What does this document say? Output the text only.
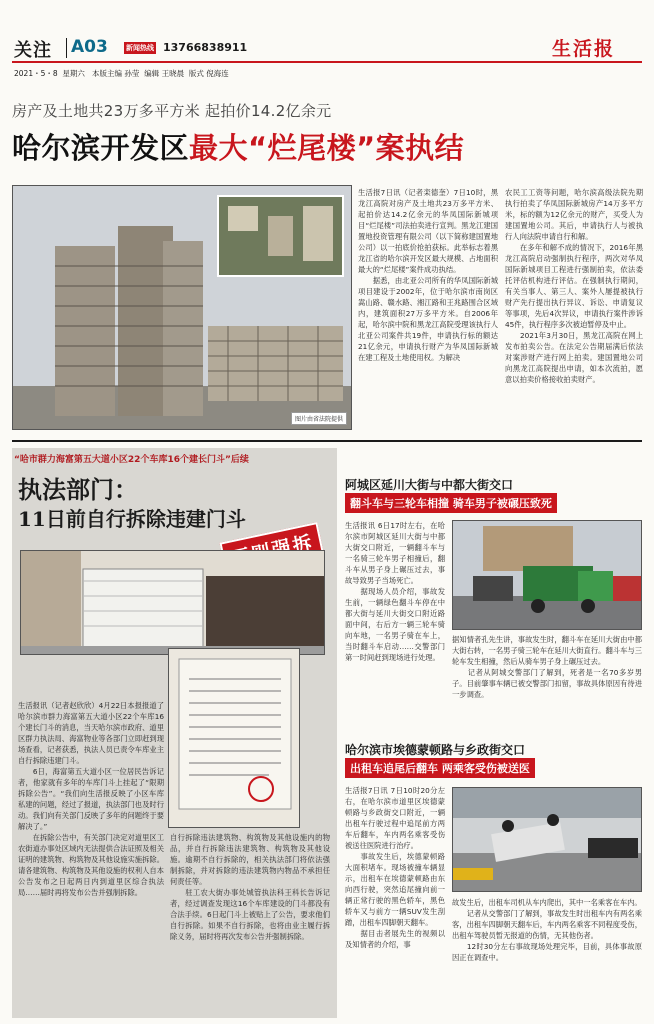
关注 A03	新闻热线 13766838911	生活报
2021・5・8  星期六   本版主编 孙莹  编辑 王晓晨  版式 倪海连
房产及土地共23万多平方米 起拍价14.2亿余元
哈尔滨开发区最大“烂尾楼”案执结
图片由省法院提供
生活报7日讯（记者栾德奎）7日10时，黑龙江高院对房产及土地共23万多平方米、起拍价达14.2亿余元的华凤国际新城项目“烂尾楼”司法拍卖进行宣判。黑龙江建国置地投资管理有限公司（以下简称建国置地公司）以一拍底价抢拍获标。此举标志着黑龙江省的哈尔滨开发区最大规模、占地面积最大的“烂尾楼”案件成功执结。
　　据悉，由北亚公司所有的华凤国际新城项目建设于2002年，位于哈尔滨市南岗区嵩山路、赣水路、湘江路和王兆路围合区域内，建筑面积27万多平方米。自2006年起，哈尔滨中院和黑龙江高院受理该执行人北亚公司案件共19件，申请执行标的额达21亿余元，申请执行财产为华凤国际新城在建工程及土地使用权。为解决
农民工工资等问题，哈尔滨高级法院先期执行拍卖了华凤国际新城房产14万多平方米，标的额为12亿余元的财产，买受人为建国置地公司。其后，申请执行人与被执行人向法院申请自行和解。
　　在多年和解不成的情况下，2016年黑龙江高院启动强制执行程序，两次对华凤国际新城项目工程进行强制拍卖，依法委托评估机构进行评估。在强制执行期间，有关当事人、第三人、案外人屡提被执行财产先行提出执行异议、诉讼、申请复议等事项，先后4次异议，申请执行案件涉诉45件，执行程序多次被迫暂停及中止。
　　2021年3月30日，黑龙江高院在网上发布拍卖公告。在法定公告期届满后依法对案涉财产进行网上拍卖。建国置地公司向黑龙江高院提出申请，如本次流拍，愿意以拍卖价格接收拍卖财产。
“哈市群力海富第五大道小区22个车库16个建长门斗”后续
执法部门：
11日前自行拆除违建门斗
生活报讯（记者赵欣欣）4月22日本报报道了哈尔滨市群力海富第五大道小区22个车库16个建长门斗的消息，当天哈尔滨市政府、道里区群力执法局、海富物业等各部门立即赶到现场查看，记者获悉，执法人员已责令车库业主自行拆除违建门斗。
　　6日，海富第五大道小区一位居民告诉记者，他家就有多年的车库门斗上挂起了“限期拆除公告”。“我们向生活报反映了小区车库私建的问题，经过了报道，执法部门也及时行动。我们向有关部门反映了多年的问题终于要解决了。”
　　在拆除公告中，有关部门决定对道里区工农街道办事处区域内无法提供合法证照及相关证明的建筑物、构筑物及其他设施实施拆除。请各建筑物、构筑物及其他设施的权利人自本公告发布之日起两日内到道里区综合执法局……届时再将发布公告并强制拆除。
自行拆除违法建筑物、构筑物及其他设施内的物品，并自行拆除违法建筑物、构筑物及其他设施。逾期不自行拆除的，相关执法部门将依法强制拆除，并对拆除的违法建筑物内物品不承担任何责任等。
　　驻工农大街办事处城管执法科王科长告诉记者，经过调查发现这16个车库建设的门斗都没有合法手续。6日起门斗上被贴上了公告，要求他们自行拆除。如果不自行拆除，也将由业主履行拆除义务，届时将再次发布公告并强制拆除。
阿城区延川大街与中都大街交口
翻斗车与三轮车相撞 骑车男子被碾压致死
生活报讯 6日17时左右，在哈尔滨市阿城区延川大街与中都大街交口附近，一辆翻斗车与一名骑三轮车男子相撞后，翻斗车从男子身上碾压过去，事故导致男子当场死亡。
　　据现场人员介绍，事故发生前，一辆绿色翻斗车停在中都大街与延川大街交口附近路面中间，右后方一辆三轮车骑向车地，一名男子骑在车上，当时翻斗车启动……交警部门第一时间赶到现场进行处理。
据知情者孔先生讲，事故发生时，翻斗车在延川大街由中都大街右转，一名男子骑三轮车在延川大街直行。翻斗车与三轮车发生相撞，然后从骑车男子身上碾压过去。
　　记者从阿城交警部门了解到，死者是一名70多岁男子。目前肇事车辆已被交警部门扣留，事故具体原因有待进一步调查。
哈尔滨市埃德蒙顿路与乡政街交口
出租车追尾后翻车 两乘客受伤被送医
生活报7日讯 7日10时20分左右，在哈尔滨市道里区埃德蒙顿路与乡政街交口附近，一辆出租车行驶过程中追尾前方两车后翻车，车内两名乘客受伤被送往医院进行治疗。
　　事故发生后，埃德蒙顿路大面积堵车。现场被撞车辆显示，出租车在埃德蒙顿路由东向西行驶，突然追尾撞向前一辆正常行驶的黑色轿车，黑色轿车又与前方一辆SUV发生刮蹭，出租车四脚朝天翻车。
　　据目击者展先生的视频以及知情者的介绍，事
故发生后，出租车司机从车内爬出，其中一名乘客在车内。
　　记者从交警部门了解到，事故发生时出租车内有两名乘客，出租车四脚朝天翻车后，车内两名乘客不同程度受伤，出租车驾驶员暂无报道的伤情，无其他伤者。
　　12时30分左右事故现场处理完毕，目前，具体事故原因正在调查中。
